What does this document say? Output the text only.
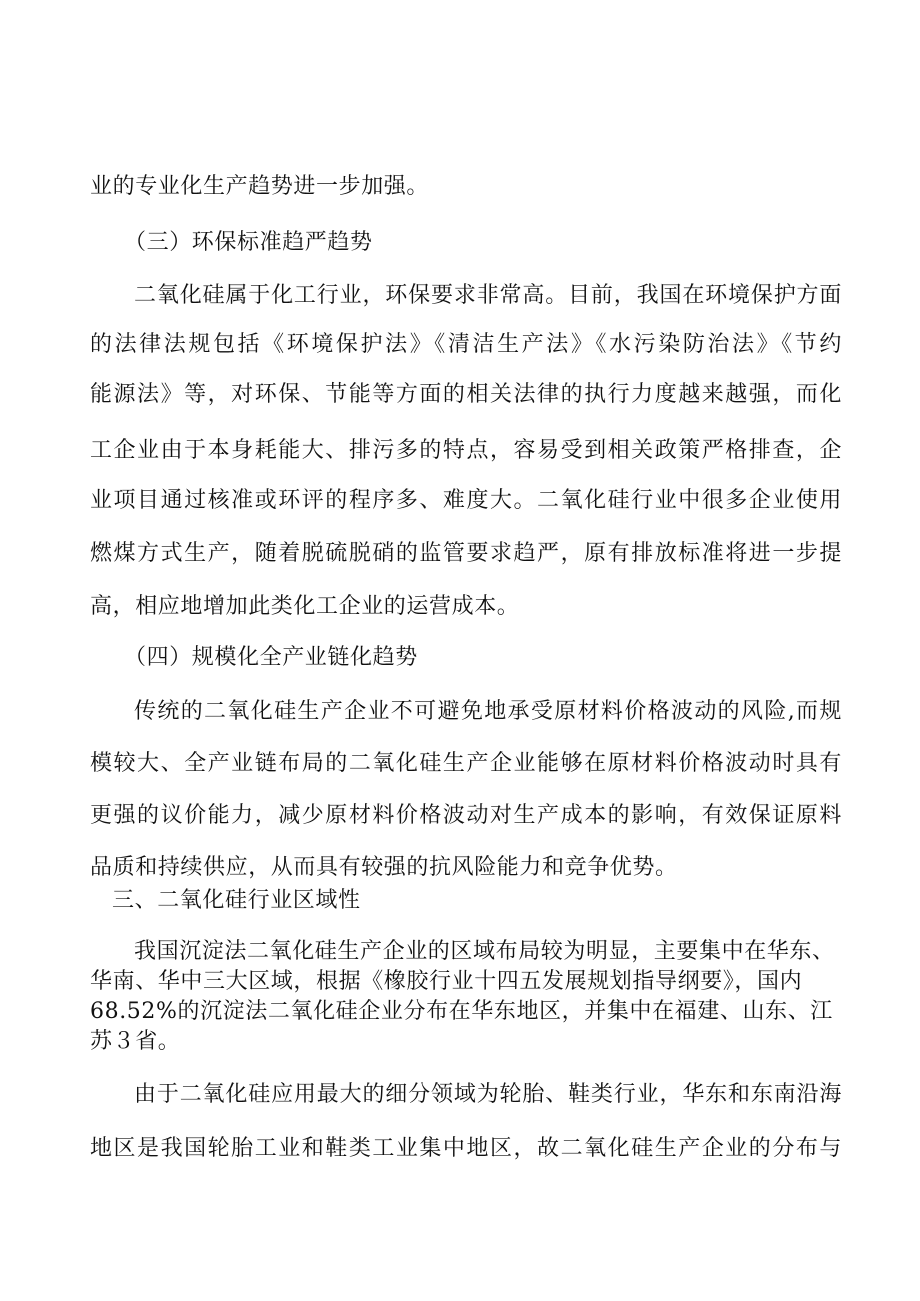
业的专业化生产趋势进一步加强。
（三）环保标准趋严趋势
二氧化硅属于化工行业，环保要求非常高。目前，我国在环境保护方面
的法律法规包括《环境保护法》《清洁生产法》《水污染防治法》《节约
能源法》等，对环保、节能等方面的相关法律的执行力度越来越强，而化
工企业由于本身耗能大、排污多的特点，容易受到相关政策严格排查，企
业项目通过核准或环评的程序多、难度大。二氧化硅行业中很多企业使用
燃煤方式生产，随着脱硫脱硝的监管要求趋严，原有排放标准将进一步提
高，相应地增加此类化工企业的运营成本。
（四）规模化全产业链化趋势
传统的二氧化硅生产企业不可避免地承受原材料价格波动的风险,而规
模较大、全产业链布局的二氧化硅生产企业能够在原材料价格波动时具有
更强的议价能力，减少原材料价格波动对生产成本的影响，有效保证原料
品质和持续供应，从而具有较强的抗风险能力和竞争优势。
三、二氧化硅行业区域性
我国沉淀法二氧化硅生产企业的区域布局较为明显，主要集中在华东、
华南、华中三大区域，根据《橡胶行业十四五发展规划指导纲要》，国内
68.52%的沉淀法二氧化硅企业分布在华东地区，并集中在福建、山东、江
苏３省。
由于二氧化硅应用最大的细分领域为轮胎、鞋类行业，华东和东南沿海
地区是我国轮胎工业和鞋类工业集中地区，故二氧化硅生产企业的分布与
